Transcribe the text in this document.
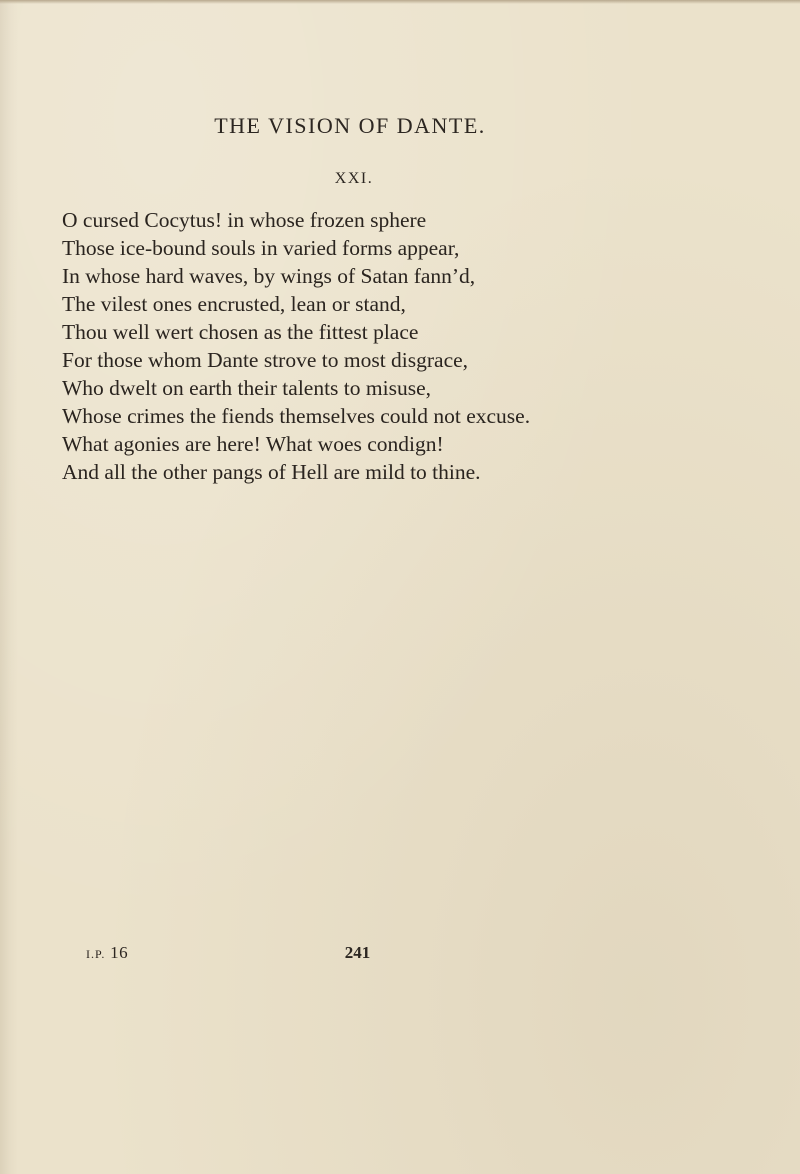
THE VISION OF DANTE.
XXI.
O cursed Cocytus! in whose frozen sphere
Those ice-bound souls in varied forms appear,
In whose hard waves, by wings of Satan fann’d,
The vilest ones encrusted, lean or stand,
Thou well wert chosen as the fittest place
For those whom Dante strove to most disgrace,
Who dwelt on earth their talents to misuse,
Whose crimes the fiends themselves could not excuse.
What agonies are here! What woes condign!
And all the other pangs of Hell are mild to thine.
I.P. 16	241
